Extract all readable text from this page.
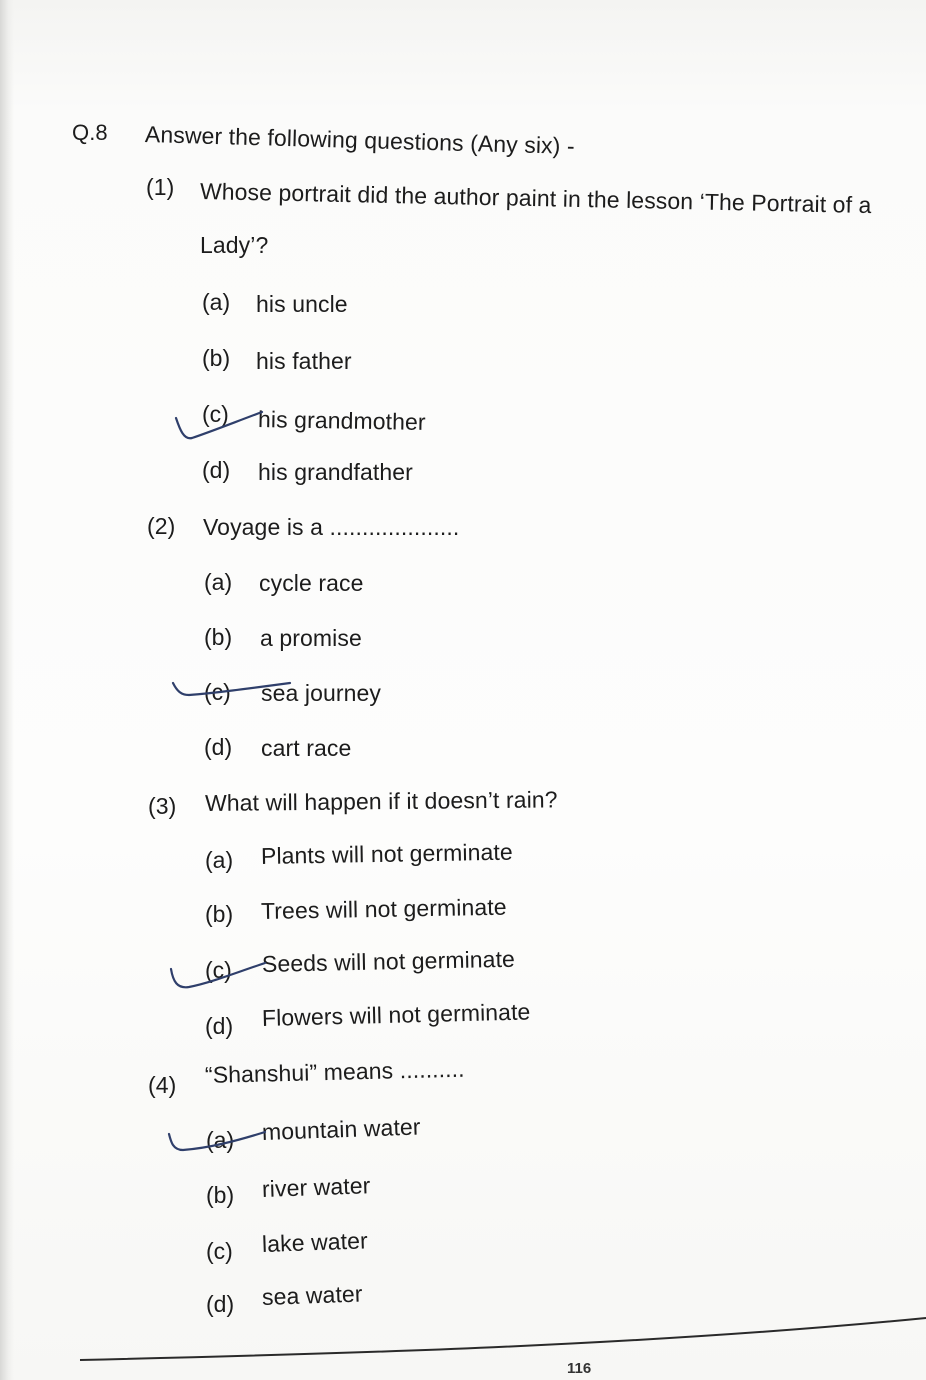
Q.8 Answer the following questions (Any six) -
(1) Whose portrait did the author paint in the lesson ‘The Portrait of a
Lady’?
(a) his uncle
(b) his father
(c) his grandmother
(d) his grandfather
(2) Voyage is a ....................
(a) cycle race
(b) a promise
(c) sea journey
(d) cart race
(3) What will happen if it doesn’t rain?
(a) Plants will not germinate
(b) Trees will not germinate
(c) Seeds will not germinate
(d) Flowers will not germinate
(4) “Shanshui” means ..........
(a) mountain water
(b) river water
(c) lake water
(d) sea water
116
